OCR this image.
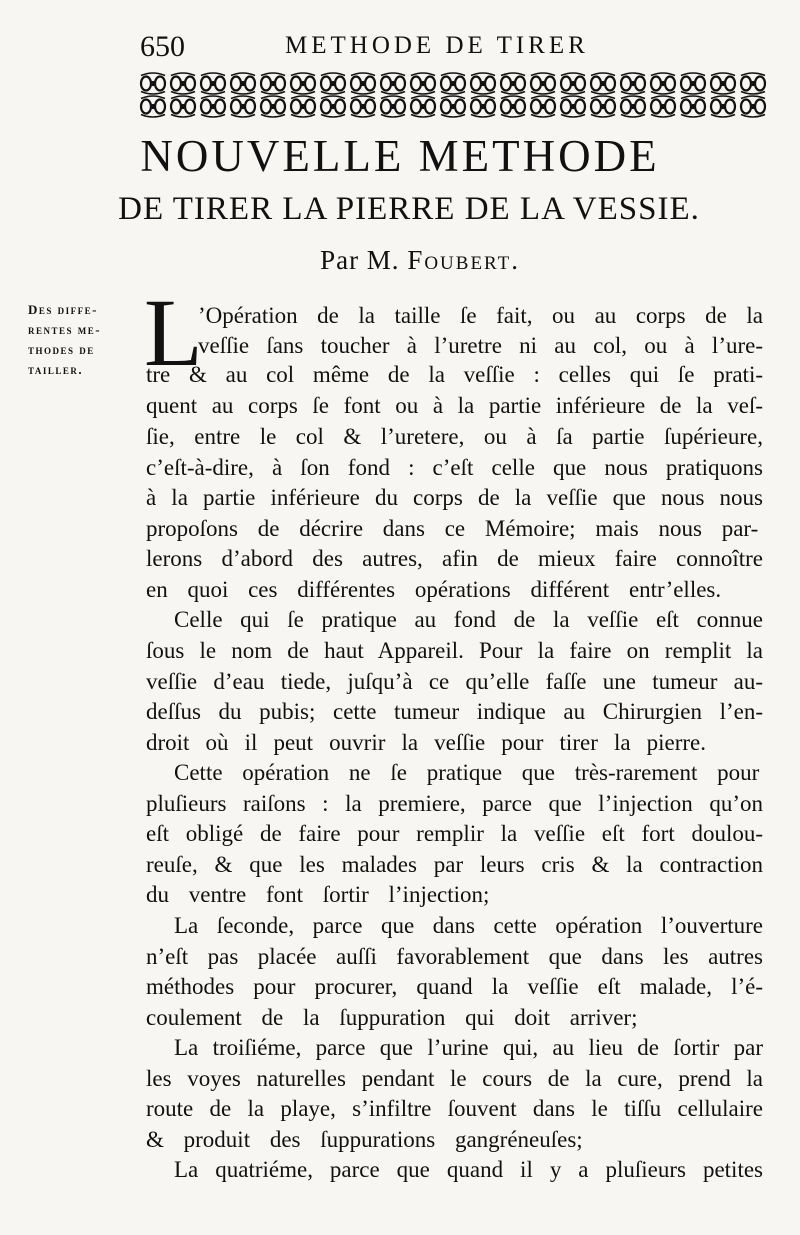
650	METHODE DE TIRER
NOUVELLE METHODE
DE TIRER LA PIERRE DE LA VESSIE.
Par M. Foubert.
Des diffe-
rentes me-
thodes de
tailler. L
’Opération de la taille ſe fait, ou au corps de la
veſſie ſans toucher à l’uretre ni au col, ou à l’ure-
tre & au col même de la veſſie : celles qui ſe prati-
quent au corps ſe font ou à la partie inférieure de la veſ-
ſie, entre le col & l’uretere, ou à ſa partie ſupérieure,
c’eſt-à-dire, à ſon fond : c’eſt celle que nous pratiquons
à la partie inférieure du corps de la veſſie que nous nous
propoſons de décrire dans ce Mémoire; mais nous par-
lerons d’abord des autres, afin de mieux faire connoître
en quoi ces différentes opérations différent entr’elles.
Celle qui ſe pratique au fond de la veſſie eſt connue
ſous le nom de haut Appareil. Pour la faire on remplit la
veſſie d’eau tiede, juſqu’à ce qu’elle faſſe une tumeur au-
deſſus du pubis; cette tumeur indique au Chirurgien l’en-
droit où il peut ouvrir la veſſie pour tirer la pierre.
Cette opération ne ſe pratique que très-rarement pour
pluſieurs raiſons : la premiere, parce que l’injection qu’on
eſt obligé de faire pour remplir la veſſie eſt fort doulou-
reuſe, & que les malades par leurs cris & la contraction
du ventre font ſortir l’injection;
La ſeconde, parce que dans cette opération l’ouverture
n’eſt pas placée auſſi favorablement que dans les autres
méthodes pour procurer, quand la veſſie eſt malade, l’é-
coulement de la ſuppuration qui doit arriver;
La troiſiéme, parce que l’urine qui, au lieu de ſortir par
les voyes naturelles pendant le cours de la cure, prend la
route de la playe, s’infiltre ſouvent dans le tiſſu cellulaire
& produit des ſuppurations gangréneuſes;
La quatriéme, parce que quand il y a pluſieurs petites
